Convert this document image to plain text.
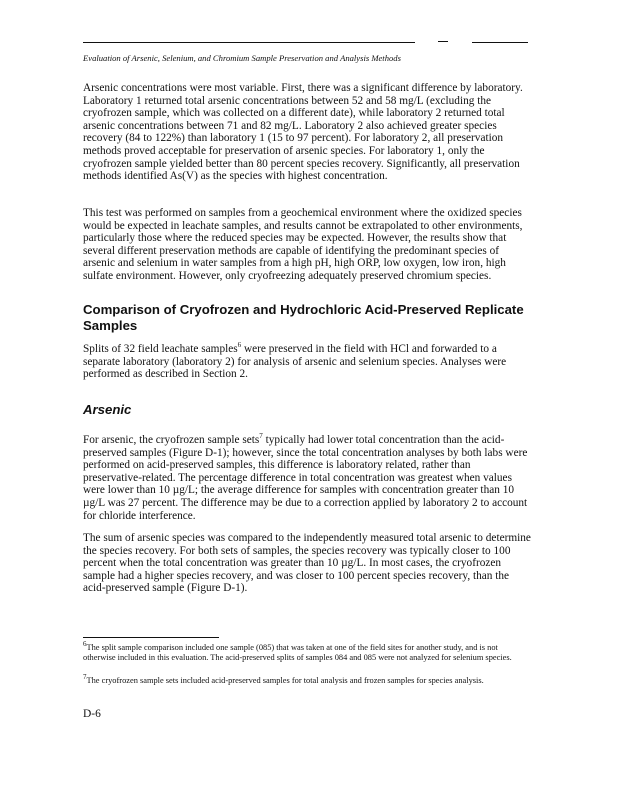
Evaluation of Arsenic, Selenium, and Chromium Sample Preservation and Analysis Methods

Arsenic concentrations were most variable. First, there was a significant difference by laboratory. Laboratory 1 returned total arsenic concentrations between 52 and 58 mg/L (excluding the cryofrozen sample, which was collected on a different date), while laboratory 2 returned total arsenic concentrations between 71 and 82 mg/L. Laboratory 2 also achieved greater species recovery (84 to 122%) than laboratory 1 (15 to 97 percent). For laboratory 2, all preservation methods proved acceptable for preservation of arsenic species. For laboratory 1, only the cryofrozen sample yielded better than 80 percent species recovery. Significantly, all preservation methods identified As(V) as the species with highest concentration.

This test was performed on samples from a geochemical environment where the oxidized species would be expected in leachate samples, and results cannot be extrapolated to other environments, particularly those where the reduced species may be expected. However, the results show that several different preservation methods are capable of identifying the predominant species of arsenic and selenium in water samples from a high pH, high ORP, low oxygen, low iron, high sulfate environment. However, only cryofreezing adequately preserved chromium species.

Comparison of Cryofrozen and Hydrochloric Acid-Preserved Replicate Samples

Splits of 32 field leachate samples$^6$ were preserved in the field with HCl and forwarded to a separate laboratory (laboratory 2) for analysis of arsenic and selenium species. Analyses were performed as described in Section 2.

Arsenic

For arsenic, the cryofrozen sample sets$^7$ typically had lower total concentration than the acid-preserved samples (Figure D-1); however, since the total concentration analyses by both labs were performed on acid-preserved samples, this difference is laboratory related, rather than preservative-related. The percentage difference in total concentration was greatest when values were lower than 10 µg/L; the average difference for samples with concentration greater than 10 µg/L was 27 percent. The difference may be due to a correction applied by laboratory 2 to account for chloride interference.

The sum of arsenic species was compared to the independently measured total arsenic to determine the species recovery. For both sets of samples, the species recovery was typically closer to 100 percent when the total concentration was greater than 10 µg/L. In most cases, the cryofrozen sample had a higher species recovery, and was closer to 100 percent species recovery, than the acid-preserved sample (Figure D-1).

$^6$The split sample comparison included one sample (085) that was taken at one of the field sites for another study, and is not otherwise included in this evaluation. The acid-preserved splits of samples 084 and 085 were not analyzed for selenium species.

$^7$The cryofrozen sample sets included acid-preserved samples for total analysis and frozen samples for species analysis.

D-6
